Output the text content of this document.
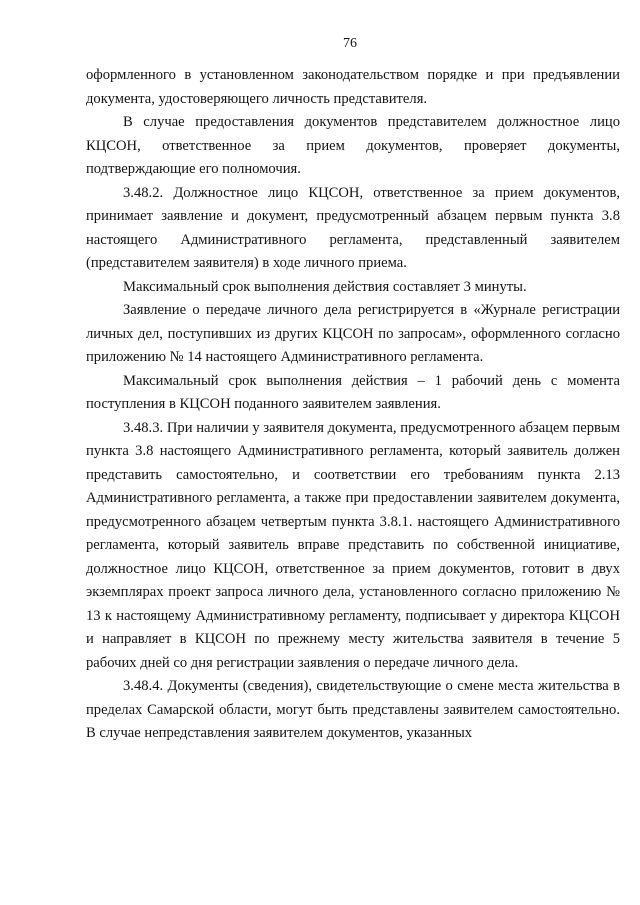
76

оформленного в установленном законодательством порядке и при предъявлении документа, удостоверяющего личность представителя.

В случае предоставления документов представителем должностное лицо КЦСОН, ответственное за прием документов, проверяет документы, подтверждающие его полномочия.

3.48.2. Должностное лицо КЦСОН, ответственное за прием документов, принимает заявление и документ, предусмотренный абзацем первым пункта 3.8 настоящего Административного регламента, представленный заявителем (представителем заявителя) в ходе личного приема.

Максимальный срок выполнения действия составляет 3 минуты.

Заявление о передаче личного дела регистрируется в «Журнале регистрации личных дел, поступивших из других КЦСОН по запросам», оформленного согласно приложению № 14 настоящего Административного регламента.

Максимальный срок выполнения действия – 1 рабочий день с момента поступления в КЦСОН поданного заявителем заявления.

3.48.3. При наличии у заявителя документа, предусмотренного абзацем первым пункта 3.8 настоящего Административного регламента, который заявитель должен представить самостоятельно, и соответствии его требованиям пункта 2.13 Административного регламента, а также при предоставлении заявителем документа, предусмотренного абзацем четвертым пункта 3.8.1. настоящего Административного регламента, который заявитель вправе представить по собственной инициативе, должностное лицо КЦСОН, ответственное за прием документов, готовит в двух экземплярах проект запроса личного дела, установленного согласно приложению № 13 к настоящему Административному регламенту, подписывает у директора КЦСОН и направляет в КЦСОН по прежнему месту жительства заявителя в течение 5 рабочих дней со дня регистрации заявления о передаче личного дела.

3.48.4. Документы (сведения), свидетельствующие о смене места жительства в пределах Самарской области, могут быть представлены заявителем самостоятельно. В случае непредставления заявителем документов, указанных
